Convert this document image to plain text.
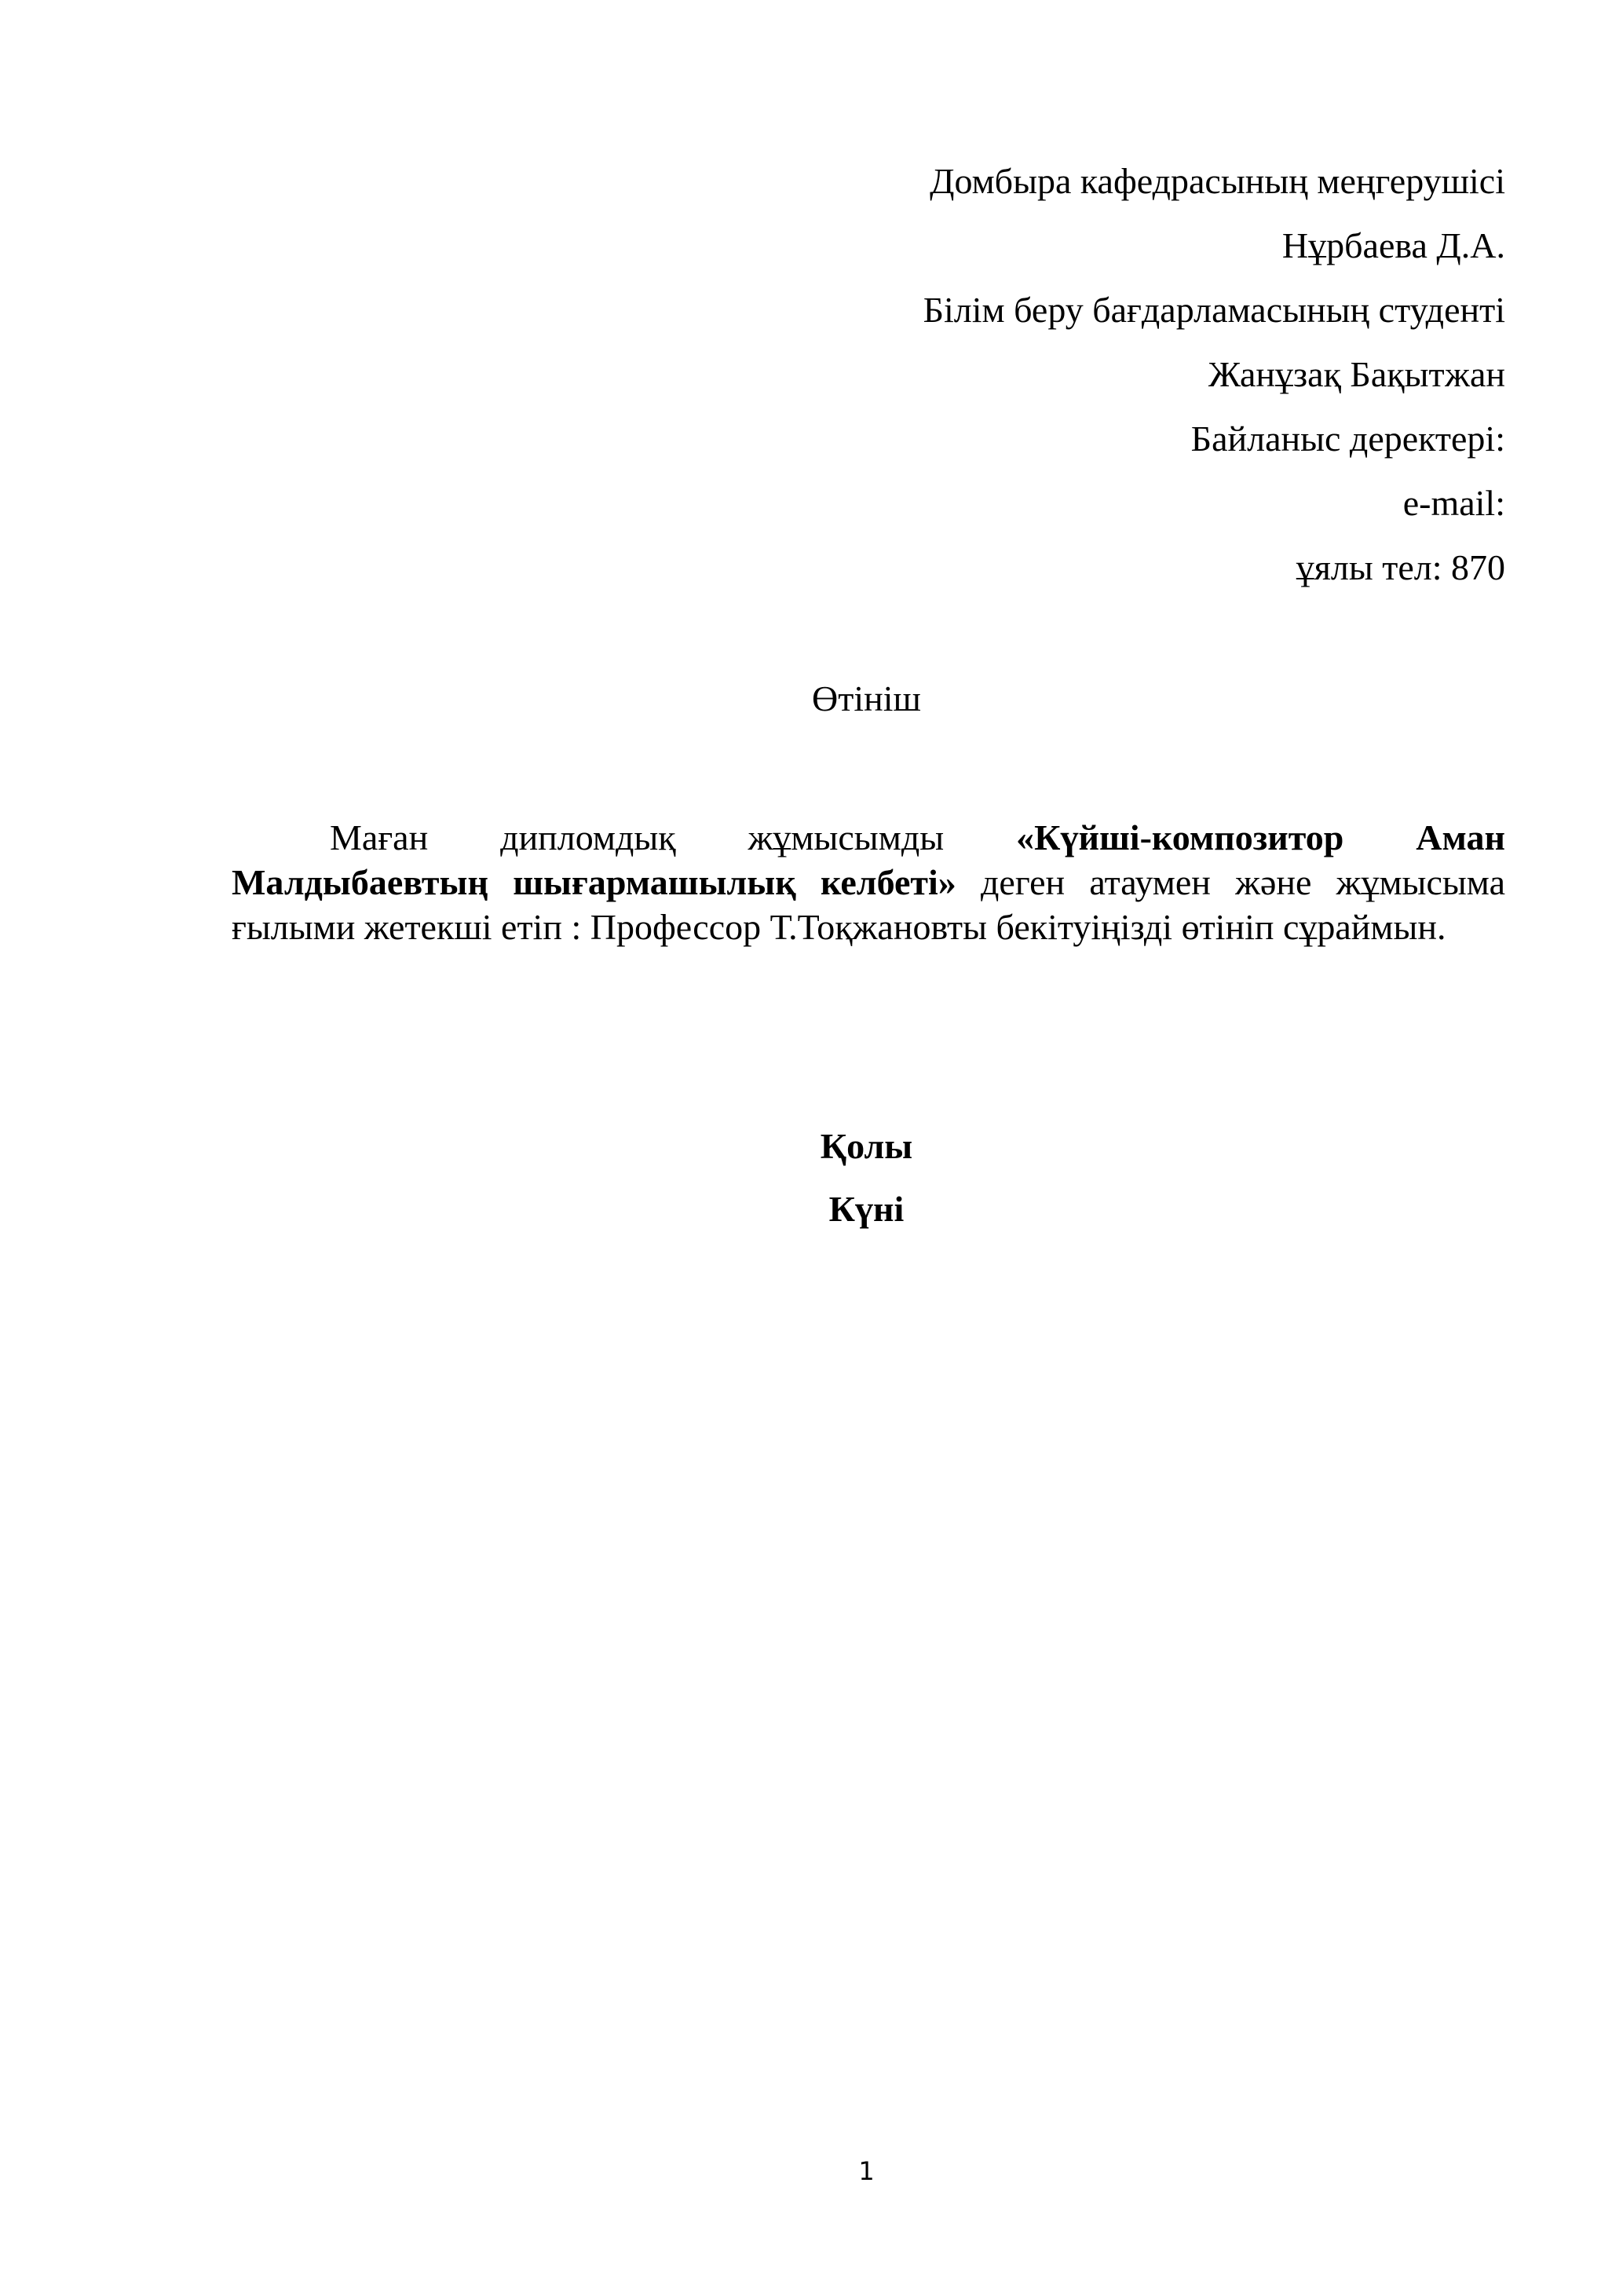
Домбыра кафедрасының меңгерушісі
Нұрбаева Д.А.
Білім беру бағдарламасының студенті
Жанұзақ Бақытжан
Байланыс деректері:
e-mail:
ұялы тел: 870
Өтініш
Маған дипломдық жұмысымды «Күйші-композитор Аман Малдыбаевтың шығармашылық келбеті» деген атаумен және жұмысыма ғылыми жетекші етіп : Профессор Т.Тоқжановты бекітуіңізді өтініп сұраймын.
Қолы
Күні
1
